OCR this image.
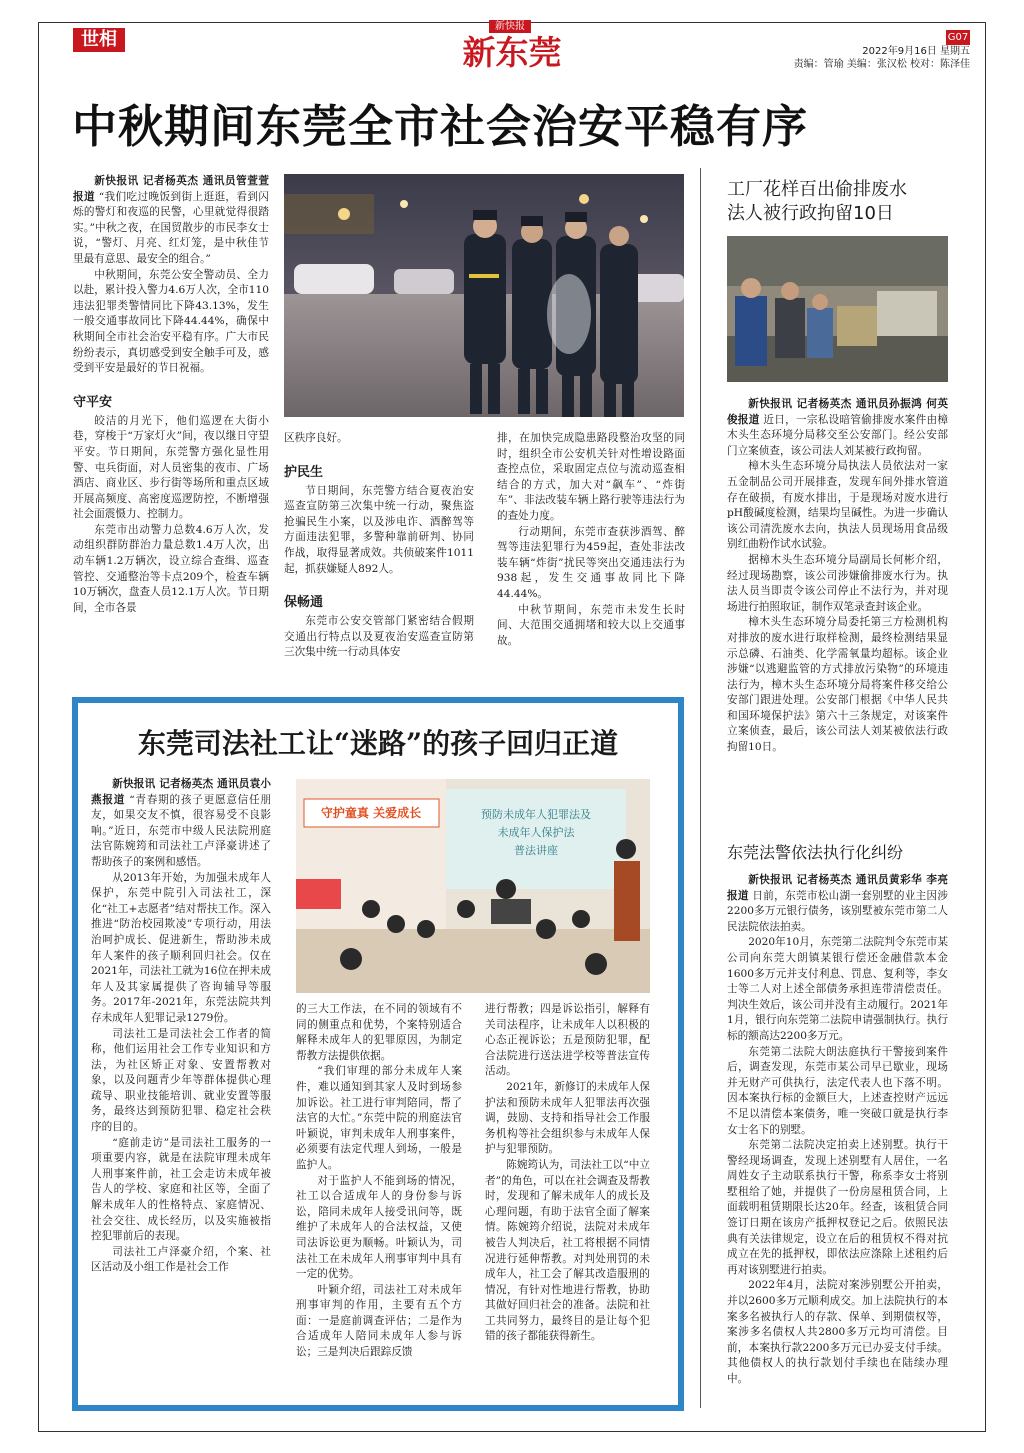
世相
新快报
新东莞	G07
2022年9月16日 星期五
责编：管瑜 美编：张汉松 校对：陈泽佳
中秋期间东莞全市社会治安平稳有序

新快报讯 记者杨英杰 通讯员管萱萱报道 “我们吃过晚饭到街上逛逛，看到闪烁的警灯和夜巡的民警，心里就觉得很踏实。”中秋之夜，在国贸散步的市民李女士说，“警灯、月亮、红灯笼，是中秋佳节里最有意思、最安全的组合。”

中秋期间，东莞公安全警动员、全力以赴，累计投入警力4.6万人次，全市110违法犯罪类警情同比下降43.13%，发生一般交通事故同比下降44.44%，确保中秋期间全市社会治安平稳有序。广大市民纷纷表示，真切感受到安全触手可及，感受到平安是最好的节日祝福。

守平安

皎洁的月光下，他们巡逻在大街小巷，穿梭于“万家灯火”间，夜以继日守望平安。节日期间，东莞警方强化显性用警、屯兵街面，对人员密集的夜市、广场酒店、商业区、步行街等场所和重点区域开展高频度、高密度巡逻防控，不断增强社会面震慑力、控制力。

东莞市出动警力总数4.6万人次，发动组织群防群治力量总数1.4万人次，出动车辆1.2万辆次，设立综合查缉、巡查管控、交通整治等卡点209个，检查车辆10万辆次，盘查人员12.1万人次。节日期间，全市各景

区秩序良好。

护民生

节日期间，东莞警方结合夏夜治安巡查宣防第三次集中统一行动，聚焦盗抢骗民生小案，以及涉电诈、酒醉驾等方面违法犯罪，多警种靠前研判、协同作战，取得显著成效。共侦破案件1011起，抓获嫌疑人892人。

保畅通

东莞市公安交管部门紧密结合假期交通出行特点以及夏夜治安巡查宣防第三次集中统一行动具体安

排，在加快完成隐患路段整治攻坚的同时，组织全市公安机关针对性增设路面查控点位，采取固定点位与流动巡查相结合的方式，加大对“飙车”、“炸街车”、非法改装车辆上路行驶等违法行为的查处力度。

行动期间，东莞市查获涉酒驾、醉驾等违法犯罪行为459起，查处非法改装车辆“炸街”扰民等突出交通违法行为938起，发生交通事故同比下降44.44%。

中秋节期间，东莞市未发生长时间、大范围交通拥堵和较大以上交通事故。

东莞司法社工让“迷路”的孩子回归正道

新快报讯 记者杨英杰 通讯员袁小燕报道 “青春期的孩子更愿意信任朋友，如果交友不慎，很容易受不良影响。”近日，东莞市中级人民法院刑庭法官陈婉筠和司法社工卢泽豪讲述了帮助孩子的案例和感悟。

从2013年开始，为加强未成年人保护，东莞中院引入司法社工，深化“社工+志愿者”结对帮扶工作。深入推进“防治校园欺凌”专项行动，用法治呵护成长、促进新生，帮助涉未成年人案件的孩子顺利回归社会。仅在2021年，司法社工就为16位在押未成年人及其家属提供了咨询辅导等服务。2017年-2021年，东莞法院共判存未成年人犯罪记录1279份。

司法社工是司法社会工作者的简称，他们运用社会工作专业知识和方法，为社区矫正对象、安置帮教对象，以及问题青少年等群体提供心理疏导、职业技能培训、就业安置等服务，最终达到预防犯罪、稳定社会秩序的目的。

“庭前走访”是司法社工服务的一项重要内容，就是在法院审理未成年人刑事案件前，社工会走访未成年被告人的学校、家庭和社区等，全面了解未成年人的性格特点、家庭情况、社会交往、成长经历，以及实施被指控犯罪前后的表现。

司法社工卢泽豪介绍，个案、社区活动及小组工作是社会工作

守护童真 关爱成长	预防未成年人犯罪法及
未成年人保护法
普法讲座

的三大工作法，在不同的领域有不同的侧重点和优势，个案特别适合解释未成年人的犯罪原因，为制定帮教方法提供依据。

“我们审理的部分未成年人案件，难以通知到其家人及时到场参加诉讼。社工进行审判陪同，帮了法官的大忙。”东莞中院的刑庭法官叶颖说，审判未成年人刑事案件，必须要有法定代理人到场，一般是监护人。

对于监护人不能到场的情况，社工以合适成年人的身份参与诉讼，陪同未成年人接受讯问等，既维护了未成年人的合法权益，又使司法诉讼更为顺畅。叶颖认为，司法社工在未成年人刑事审判中具有一定的优势。

叶颖介绍，司法社工对未成年刑事审判的作用，主要有五个方面：一是庭前调查评估；二是作为合适成年人陪同未成年人参与诉讼；三是判决后跟踪反馈

进行帮教；四是诉讼指引，解释有关司法程序，让未成年人以积极的心态正视诉讼；五是预防犯罪，配合法院进行送法进学校等普法宣传活动。

2021年，新修订的未成年人保护法和预防未成年人犯罪法再次强调，鼓励、支持和指导社会工作服务机构等社会组织参与未成年人保护与犯罪预防。

陈婉筠认为，司法社工以“中立者”的角色，可以在社会调查及帮教时，发现和了解未成年人的成长及心理问题，有助于法官全面了解案情。陈婉筠介绍说，法院对未成年被告人判决后，社工将根据不同情况进行延伸帮教。对判处刑罚的未成年人，社工会了解其改造服刑的情况，有针对性地进行帮教，协助其做好回归社会的准备。法院和社工共同努力，最终目的是让每个犯错的孩子都能获得新生。

工厂花样百出偷排废水
法人被行政拘留10日

新快报讯 记者杨英杰 通讯员孙振鸿 何英俊报道 近日，一宗私设暗管偷排废水案件由樟木头生态环境分局移交至公安部门。经公安部门立案侦查，该公司法人刘某被行政拘留。

樟木头生态环境分局执法人员依法对一家五金制品公司开展排查，发现车间外排水管道存在破损，有废水排出，于是现场对废水进行pH酸碱度检测，结果均呈碱性。为进一步确认该公司清洗废水去向，执法人员现场用食品级别红曲粉作试水试验。

据樟木头生态环境分局副局长何彬介绍，经过现场勘察，该公司涉嫌偷排废水行为。执法人员当即责令该公司停止不法行为，并对现场进行拍照取证，制作双笔录查封该企业。

樟木头生态环境分局委托第三方检测机构对排放的废水进行取样检测，最终检测结果显示总磷、石油类、化学需氧量均超标。该企业涉嫌“以逃避监管的方式排放污染物”的环境违法行为，樟木头生态环境分局将案件移交给公安部门跟进处理。公安部门根据《中华人民共和国环境保护法》第六十三条规定，对该案件立案侦查，最后，该公司法人刘某被依法行政拘留10日。

东莞法警依法执行化纠纷

新快报讯 记者杨英杰 通讯员黄彩华 李亮报道 日前，东莞市松山湖一套别墅的业主因涉2200多万元银行债务，该别墅被东莞市第二人民法院依法拍卖。

2020年10月，东莞第二法院判令东莞市某公司向东莞大朗镇某银行偿还金融借款本金1600多万元并支付利息、罚息、复利等，李女士等二人对上述全部债务承担连带清偿责任。判决生效后，该公司并没有主动履行。2021年1月，银行向东莞第二法院申请强制执行。执行标的额高达2200多万元。

东莞第二法院大朗法庭执行干警接到案件后，调查发现，东莞市某公司早已歇业，现场并无财产可供执行，法定代表人也下落不明。因本案执行标的金额巨大，上述查控财产远远不足以清偿本案债务，唯一突破口就是执行李女士名下的别墅。

东莞第二法院决定拍卖上述别墅。执行干警经现场调查，发现上述别墅有人居住，一名周姓女子主动联系执行干警，称系李女士将别墅租给了她，并提供了一份房屋租赁合同，上面载明租赁期限长达20年。经查，该租赁合同签订日期在该房产抵押权登记之后。依照民法典有关法律规定，设立在后的租赁权不得对抗成立在先的抵押权，即依法应涤除上述租约后再对该别墅进行拍卖。

2022年4月，法院对案涉别墅公开拍卖，并以2600多万元顺利成交。加上法院执行的本案多名被执行人的存款、保单、到期债权等，案涉多名债权人共2800多万元均可清偿。目前，本案执行款2200多万元已办妥支付手续。其他债权人的执行款划付手续也在陆续办理中。
